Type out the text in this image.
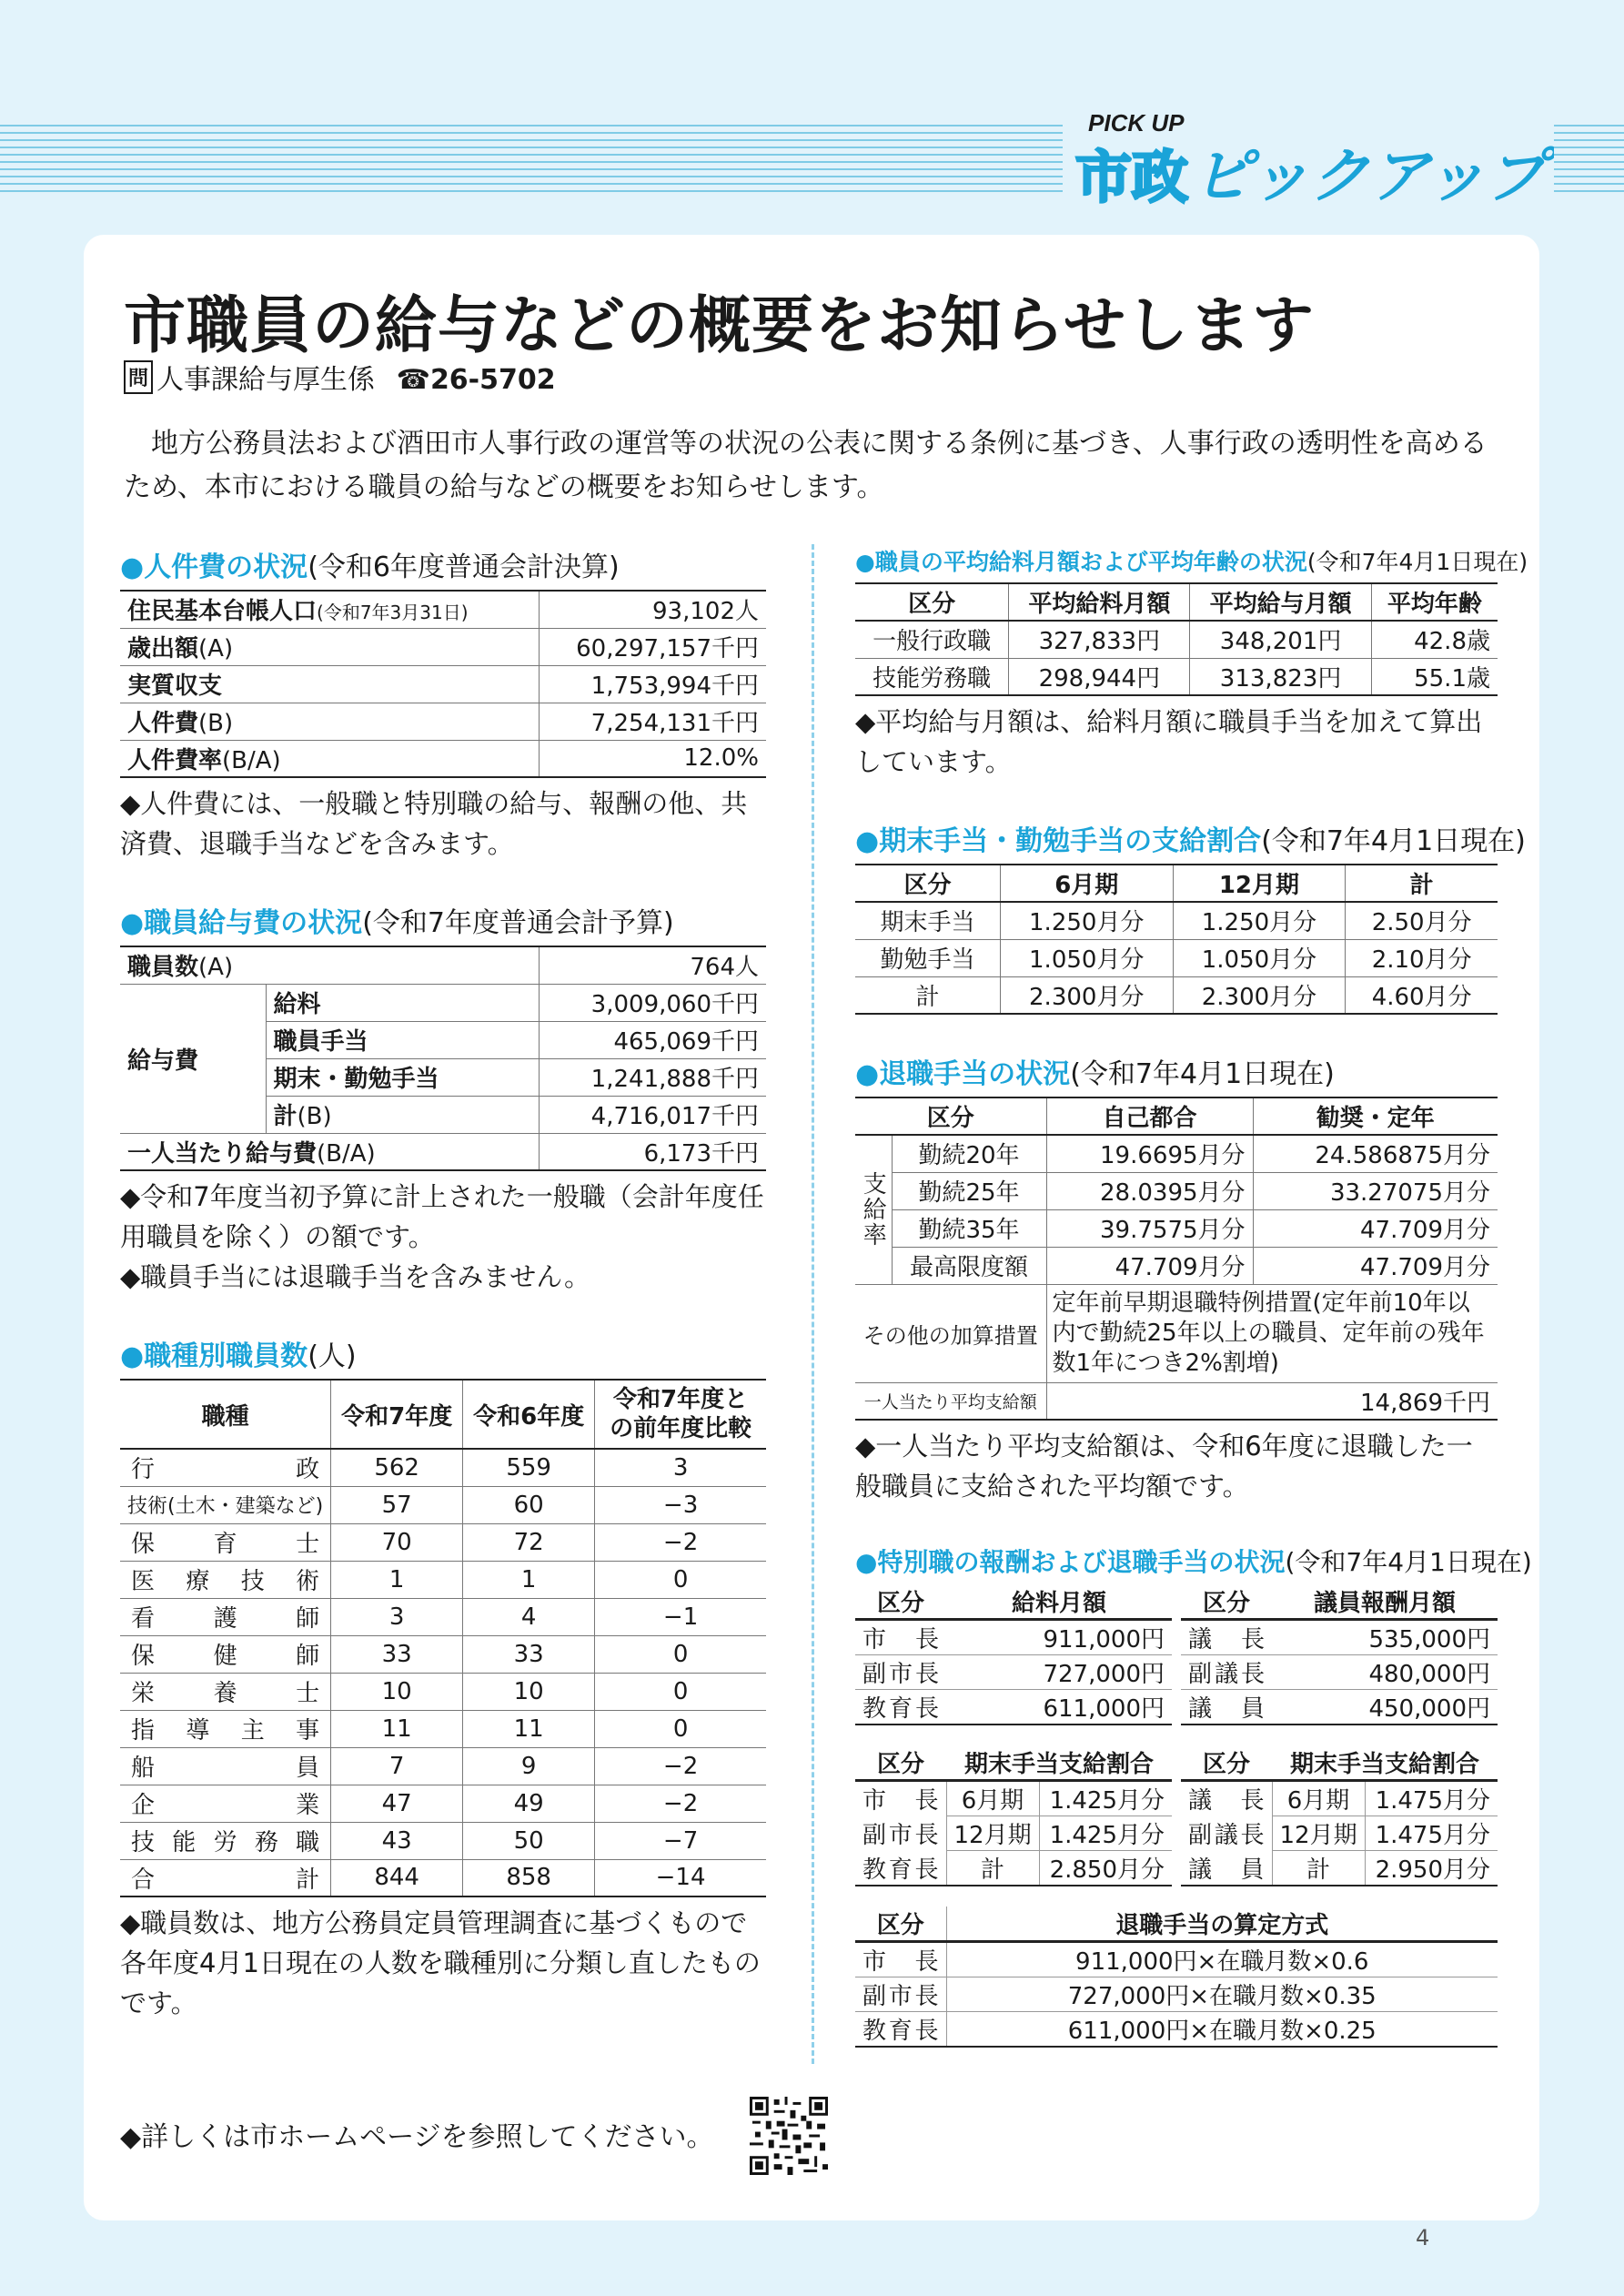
PICK UP
市政 ピックアップ
市職員の給与などの概要をお知らせします
問 人事課給与厚生係 ☎26-5702
地方公務員法および酒田市人事行政の運営等の状況の公表に関する条例に基づき、人事行政の透明性を高めるため、本市における職員の給与などの概要をお知らせします。
●人件費の状況(令和6年度普通会計決算)
住民基本台帳人口(令和7年3月31日)	93,102人
歳出額(A)	60,297,157千円
実質収支	1,753,994千円
人件費(B)	7,254,131千円
人件費率(B/A)	12.0%
◆人件費には、一般職と特別職の給与、報酬の他、共済費、退職手当などを含みます。
●職員給与費の状況(令和7年度普通会計予算)
職員数(A)		764人
給与費	給料	3,009,060千円
	職員手当	465,069千円
	期末・勤勉手当	1,241,888千円
	計(B)	4,716,017千円
一人当たり給与費(B/A)		6,173千円
◆令和7年度当初予算に計上された一般職（会計年度任用職員を除く）の額です。
◆職員手当には退職手当を含みません。
●職種別職員数(人)
職種	令和7年度	令和6年度	令和7年度との前年度比較
行政	562	559	3
技術(土木・建築など)	57	60	−3
保育士	70	72	−2
医療技術	1	1	0
看護師	3	4	−1
保健師	33	33	0
栄養士	10	10	0
指導主事	11	11	0
船員	7	9	−2
企業	47	49	−2
技能労務職	43	50	−7
合計	844	858	−14
◆職員数は、地方公務員定員管理調査に基づくもので各年度4月1日現在の人数を職種別に分類し直したものです。
◆詳しくは市ホームページを参照してください。
●職員の平均給料月額および平均年齢の状況(令和7年4月1日現在)
区分	平均給料月額	平均給与月額	平均年齢
一般行政職	327,833円	348,201円	42.8歳
技能労務職	298,944円	313,823円	55.1歳
◆平均給与月額は、給料月額に職員手当を加えて算出しています。
●期末手当・勤勉手当の支給割合(令和7年4月1日現在)
区分	6月期	12月期	計
期末手当	1.250月分	1.250月分	2.50月分
勤勉手当	1.050月分	1.050月分	2.10月分
計	2.300月分	2.300月分	4.60月分
●退職手当の状況(令和7年4月1日現在)
区分		自己都合	勧奨・定年
支給率	勤続20年	19.6695月分	24.586875月分
	勤続25年	28.0395月分	33.27075月分
	勤続35年	39.7575月分	47.709月分
	最高限度額	47.709月分	47.709月分
その他の加算措置		定年前早期退職特例措置(定年前10年以内で勤続25年以上の職員、定年前の残年数1年につき2%割増)	
一人当たり平均支給額		14,869千円	
◆一人当たり平均支給額は、令和6年度に退職した一般職員に支給された平均額です。
●特別職の報酬および退職手当の状況(令和7年4月1日現在)
区分	給料月額
市長	911,000円
副市長	727,000円
教育長	611,000円
区分	議員報酬月額
議長	535,000円
副議長	480,000円
議員	450,000円
区分	期末手当支給割合	
市長	6月期	1.425月分
副市長	12月期	1.425月分
教育長	計	2.850月分
区分	期末手当支給割合	
議長	6月期	1.475月分
副議長	12月期	1.475月分
議員	計	2.950月分
区分	退職手当の算定方式
市長	911,000円×在職月数×0.6
副市長	727,000円×在職月数×0.35
教育長	611,000円×在職月数×0.25
4
